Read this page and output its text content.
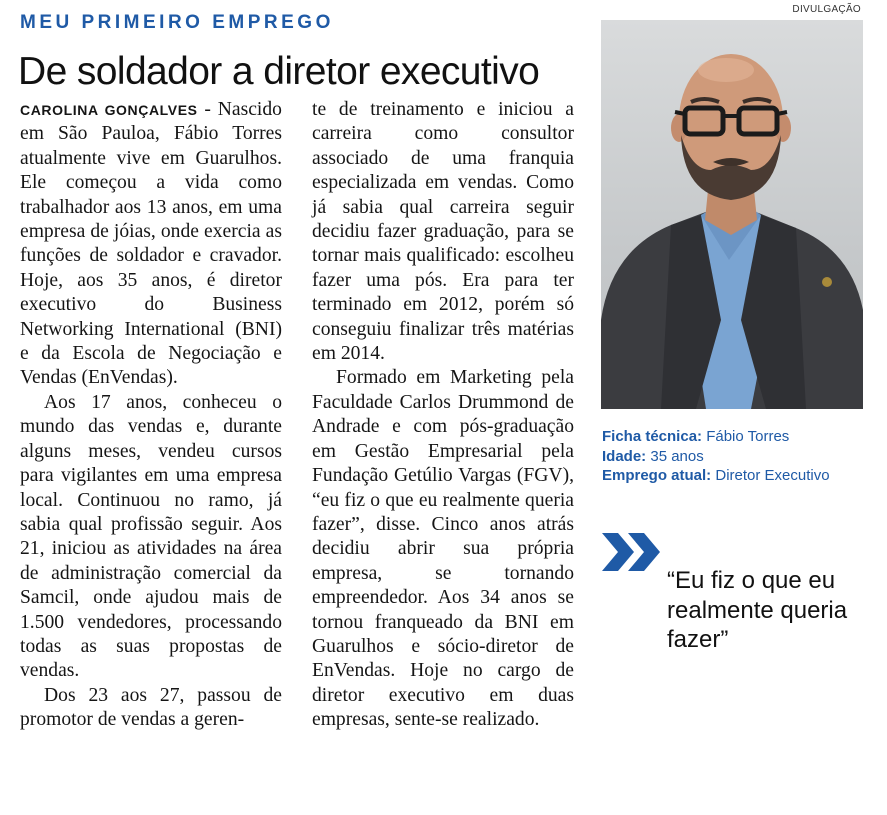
MEU PRIMEIRO EMPREGO
DIVULGAÇÃO
De soldador a diretor executivo

CAROLINA GONÇALVES - Nascido em São Pauloa, Fábio Torres atualmente vive em Guarulhos. Ele começou a vida como trabalhador aos 13 anos, em uma empresa de jóias, onde exercia as funções de soldador e cravador. Hoje, aos 35 anos, é diretor executivo do Business Networking International (BNI) e da Escola de Negociação e Vendas (EnVendas).

Aos 17 anos, conheceu o mundo das vendas e, durante alguns meses, vendeu cursos para vigilantes em uma empresa local. Continuou no ramo, já sabia qual profissão seguir. Aos 21, iniciou as atividades na área de administração comercial da Samcil, onde ajudou mais de 1.500 vendedores, processando todas as suas propostas de vendas.

Dos 23 aos 27, passou de promotor de vendas a geren-

te de treinamento e iniciou a carreira como consultor associado de uma franquia especializada em vendas. Como já sabia qual carreira seguir decidiu fazer graduação, para se tornar mais qualificado: escolheu fazer uma pós. Era para ter terminado em 2012, porém só conseguiu finalizar três matérias em 2014.

Formado em Marketing pela Faculdade Carlos Drummond de Andrade e com pós-graduação em Gestão Empresarial pela Fundação Getúlio Vargas (FGV), “eu fiz o que eu realmente queria fazer”, disse. Cinco anos atrás decidiu abrir sua própria empresa, se tornando empreendedor. Aos 34 anos se tornou franqueado da BNI em Guarulhos e sócio-diretor de EnVendas. Hoje no cargo de diretor executivo em duas empresas, sente-se realizado.

Ficha técnica: Fábio Torres
Idade: 35 anos
Emprego atual: Diretor Executivo
“Eu fiz o que eu realmente queria fazer”
